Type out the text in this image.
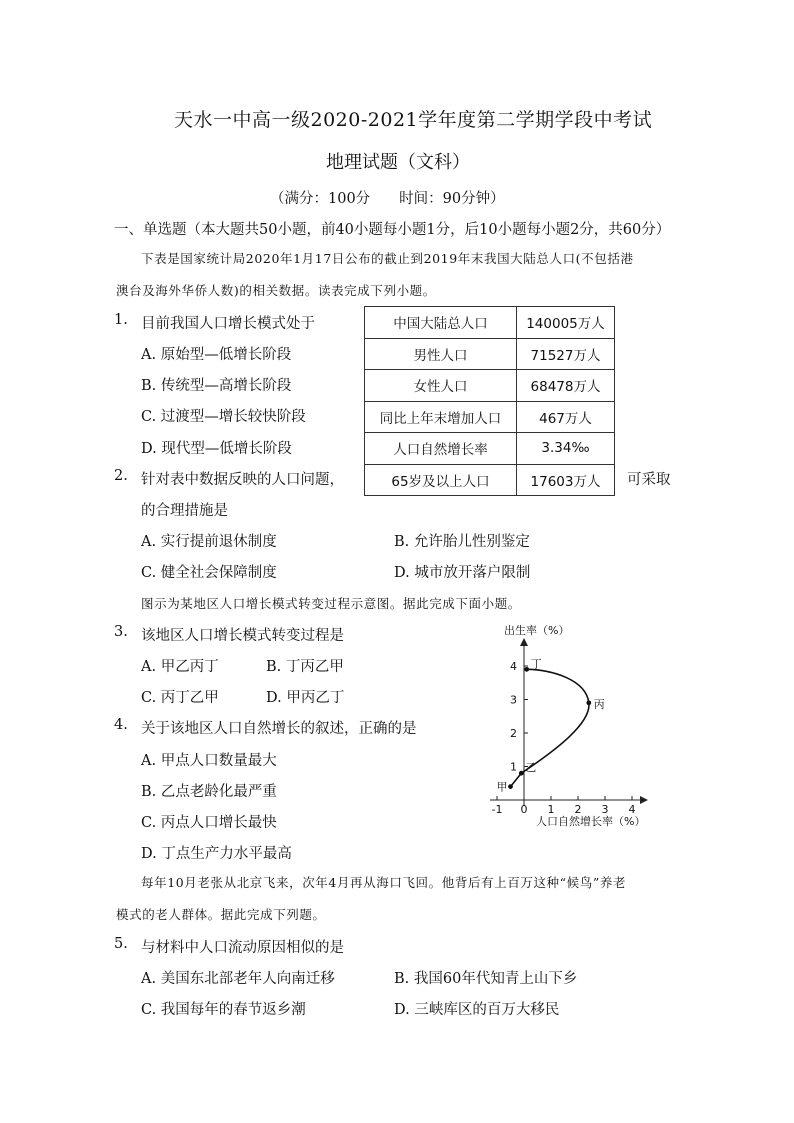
天水一中高一级2020-2021学年度第二学期学段中考试
地理试题（文科）
（满分：100分　　时间：90分钟）
一、单选题（本大题共50小题，前40小题每小题1分，后10小题每小题2分，共60分）
下表是国家统计局2020年1月17日公布的截止到2019年末我国大陆总人口(不包括港
澳台及海外华侨人数)的相关数据。读表完成下列小题。
中国大陆总人口	140005万人
男性人口	71527万人
女性人口	68478万人
同比上年末增加人口	467万人
人口自然增长率	3.34‰
65岁及以上人口	17603万人
1. 目前我国人口增长模式处于
A. 原始型—低增长阶段
B. 传统型—高增长阶段
C. 过渡型—增长较快阶段
D. 现代型—低增长阶段
2. 针对表中数据反映的人口问题，	可采取
的合理措施是
A. 实行提前退休制度	B. 允许胎儿性别鉴定
C. 健全社会保障制度	D. 城市放开落户限制
图示为某地区人口增长模式转变过程示意图。据此完成下面小题。
3. 该地区人口增长模式转变过程是
A. 甲乙丙丁	B. 丁丙乙甲
C. 丙丁乙甲	D. 甲丙乙丁
4. 关于该地区人口自然增长的叙述，正确的是
A. 甲点人口数量最大
B. 乙点老龄化最严重
C. 丙点人口增长最快
D. 丁点生产力水平最高
-1 0 1 2 3 4
1
2
3
4
甲
乙
丙
丁
出生率（%）
人口自然增长率（%）
每年10月老张从北京飞来，次年4月再从海口飞回。他背后有上百万这种“候鸟”养老
模式的老人群体。据此完成下列题。
5. 与材料中人口流动原因相似的是
A. 美国东北部老年人向南迁移	B. 我国60年代知青上山下乡
C. 我国每年的春节返乡潮	D. 三峡库区的百万大移民
